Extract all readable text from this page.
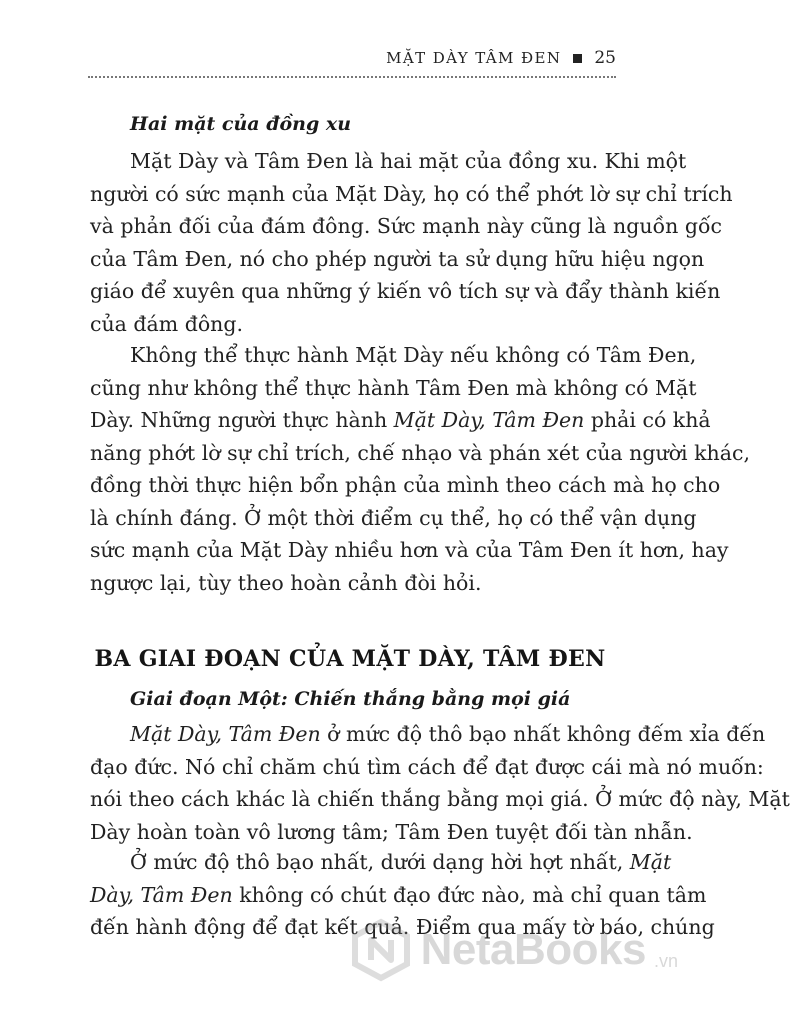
MẶT DÀY TÂM ĐEN 25
Hai mặt của đồng xu
Mặt Dày và Tâm Đen là hai mặt của đồng xu. Khi một
người có sức mạnh của Mặt Dày, họ có thể phớt lờ sự chỉ trích
và phản đối của đám đông. Sức mạnh này cũng là nguồn gốc
của Tâm Đen, nó cho phép người ta sử dụng hữu hiệu ngọn
giáo để xuyên qua những ý kiến vô tích sự và đẩy thành kiến
của đám đông.
Không thể thực hành Mặt Dày nếu không có Tâm Đen,
cũng như không thể thực hành Tâm Đen mà không có Mặt
Dày. Những người thực hành Mặt Dày, Tâm Đen phải có khả
năng phớt lờ sự chỉ trích, chế nhạo và phán xét của người khác,
đồng thời thực hiện bổn phận của mình theo cách mà họ cho
là chính đáng. Ở một thời điểm cụ thể, họ có thể vận dụng
sức mạnh của Mặt Dày nhiều hơn và của Tâm Đen ít hơn, hay
ngược lại, tùy theo hoàn cảnh đòi hỏi.
BA GIAI ĐOẠN CỦA MẶT DÀY, TÂM ĐEN
Giai đoạn Một: Chiến thắng bằng mọi giá
Mặt Dày, Tâm Đen ở mức độ thô bạo nhất không đếm xỉa đến
đạo đức. Nó chỉ chăm chú tìm cách để đạt được cái mà nó muốn:
nói theo cách khác là chiến thắng bằng mọi giá. Ở mức độ này, Mặt
Dày hoàn toàn vô lương tâm; Tâm Đen tuyệt đối tàn nhẫn.
Ở mức độ thô bạo nhất, dưới dạng hời hợt nhất, Mặt
Dày, Tâm Đen không có chút đạo đức nào, mà chỉ quan tâm
đến hành động để đạt kết quả. Điểm qua mấy tờ báo, chúng
NetaBooks .vn
